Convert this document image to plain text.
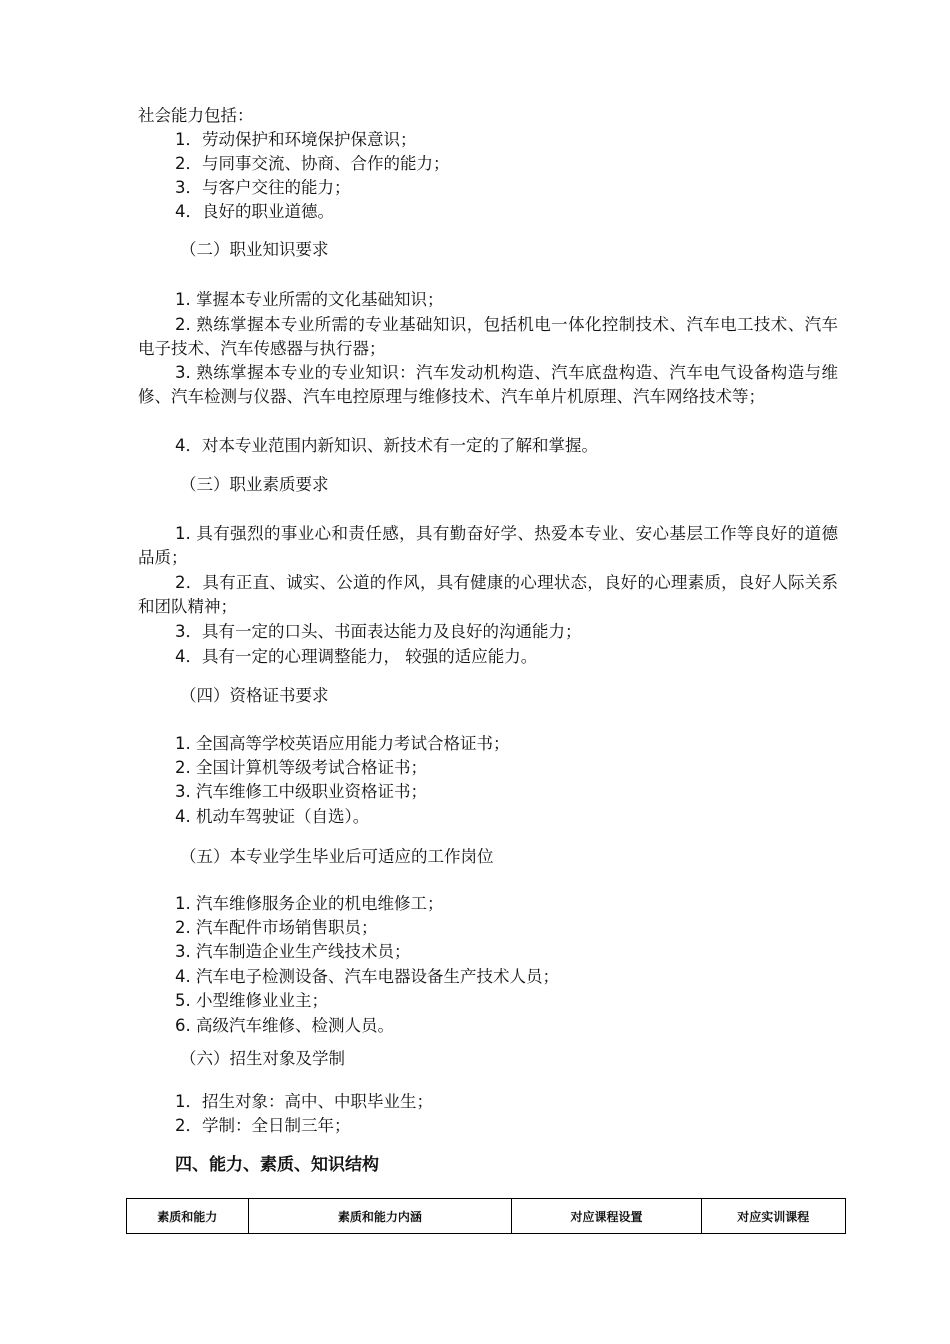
社会能力包括：
1．劳动保护和环境保护保意识；
2．与同事交流、协商、合作的能力；
3．与客户交往的能力；
4．良好的职业道德。
（二）职业知识要求
1. 掌握本专业所需的文化基础知识；
2. 熟练掌握本专业所需的专业基础知识，包括机电一体化控制技术、汽车电工技术、汽车电子技术、汽车传感器与执行器；
3. 熟练掌握本专业的专业知识：汽车发动机构造、汽车底盘构造、汽车电气设备构造与维修、汽车检测与仪器、汽车电控原理与维修技术、汽车单片机原理、汽车网络技术等；
4．对本专业范围内新知识、新技术有一定的了解和掌握。
（三）职业素质要求
1. 具有强烈的事业心和责任感，具有勤奋好学、热爱本专业、安心基层工作等良好的道德品质；
2．具有正直、诚实、公道的作风，具有健康的心理状态，良好的心理素质，良好人际关系和团队精神；
3．具有一定的口头、书面表达能力及良好的沟通能力；
4．具有一定的心理调整能力， 较强的适应能力。
（四）资格证书要求
1. 全国高等学校英语应用能力考试合格证书；
2. 全国计算机等级考试合格证书；
3. 汽车维修工中级职业资格证书；
4. 机动车驾驶证（自选）。
（五）本专业学生毕业后可适应的工作岗位
1. 汽车维修服务企业的机电维修工；
2. 汽车配件市场销售职员；
3. 汽车制造企业生产线技术员；
4. 汽车电子检测设备、汽车电器设备生产技术人员；
5. 小型维修业业主；
6. 高级汽车维修、检测人员。
（六）招生对象及学制
1．招生对象：高中、中职毕业生；
2．学制：全日制三年；
四、能力、素质、知识结构
素质和能力	素质和能力内涵	对应课程设置	对应实训课程
